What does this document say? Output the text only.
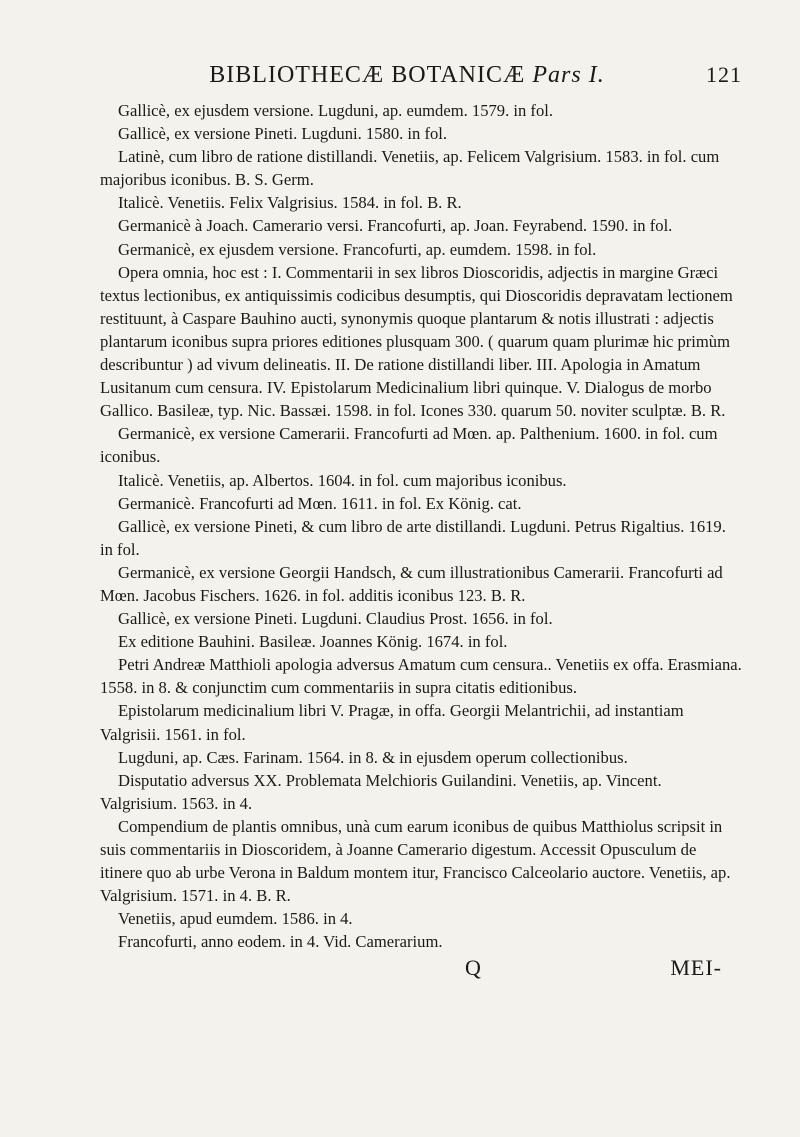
BIBLIOTHECÆ BOTANICÆ Pars I.	121

Gallicè, ex ejusdem versione. Lugduni, ap. eumdem. 1579. in fol.

Gallicè, ex versione Pineti. Lugduni. 1580. in fol.

Latinè, cum libro de ratione distillandi. Venetiis, ap. Felicem Valgrisium. 1583. in fol. cum majoribus iconibus. B. S. Germ.

Italicè. Venetiis. Felix Valgrisius. 1584. in fol. B. R.

Germanicè à Joach. Camerario versi. Francofurti, ap. Joan. Feyrabend. 1590. in fol.

Germanicè, ex ejusdem versione. Francofurti, ap. eumdem. 1598. in fol.

Opera omnia, hoc est : I. Commentarii in sex libros Dioscoridis, adjectis in margine Græci textus lectionibus, ex antiquissimis codicibus desumptis, qui Dioscoridis depravatam lectionem restituunt, à Caspare Bauhino aucti, synonymis quoque plantarum & notis illustrati : adjectis plantarum iconibus supra priores editiones plusquam 300. ( quarum quam plurimæ hic primùm describuntur ) ad vivum delineatis. II. De ratione distillandi liber. III. Apologia in Amatum Lusitanum cum censura. IV. Epistolarum Medicinalium libri quinque. V. Dialogus de morbo Gallico. Basileæ, typ. Nic. Bassæi. 1598. in fol. Icones 330. quarum 50. noviter sculptæ. B. R.

Germanicè, ex versione Camerarii. Francofurti ad Mœn. ap. Palthenium. 1600. in fol. cum iconibus.

Italicè. Venetiis, ap. Albertos. 1604. in fol. cum majoribus iconibus.

Germanicè. Francofurti ad Mœn. 1611. in fol. Ex König. cat.

Gallicè, ex versione Pineti, & cum libro de arte distillandi. Lugduni. Petrus Rigaltius. 1619. in fol.

Germanicè, ex versione Georgii Handsch, & cum illustrationibus Camerarii. Francofurti ad Mœn. Jacobus Fischers. 1626. in fol. additis iconibus 123. B. R.

Gallicè, ex versione Pineti. Lugduni. Claudius Prost. 1656. in fol.

Ex editione Bauhini. Basileæ. Joannes König. 1674. in fol.

Petri Andreæ Matthioli apologia adversus Amatum cum censura.. Venetiis ex offa. Erasmiana. 1558. in 8. & conjunctim cum commentariis in supra citatis editionibus.

Epistolarum medicinalium libri V. Pragæ, in offa. Georgii Melantrichii, ad instantiam Valgrisii. 1561. in fol.

Lugduni, ap. Cæs. Farinam. 1564. in 8. & in ejusdem operum collectionibus.

Disputatio adversus XX. Problemata Melchioris Guilandini. Venetiis, ap. Vincent. Valgrisium. 1563. in 4.

Compendium de plantis omnibus, unà cum earum iconibus de quibus Matthiolus scripsit in suis commentariis in Dioscoridem, à Joanne Camerario digestum. Accessit Opusculum de itinere quo ab urbe Verona in Baldum montem itur, Francisco Calceolario auctore. Venetiis, ap. Valgrisium. 1571. in 4. B. R.

Venetiis, apud eumdem. 1586. in 4.

Francofurti, anno eodem. in 4. Vid. Camerarium.

Q	MEI-
